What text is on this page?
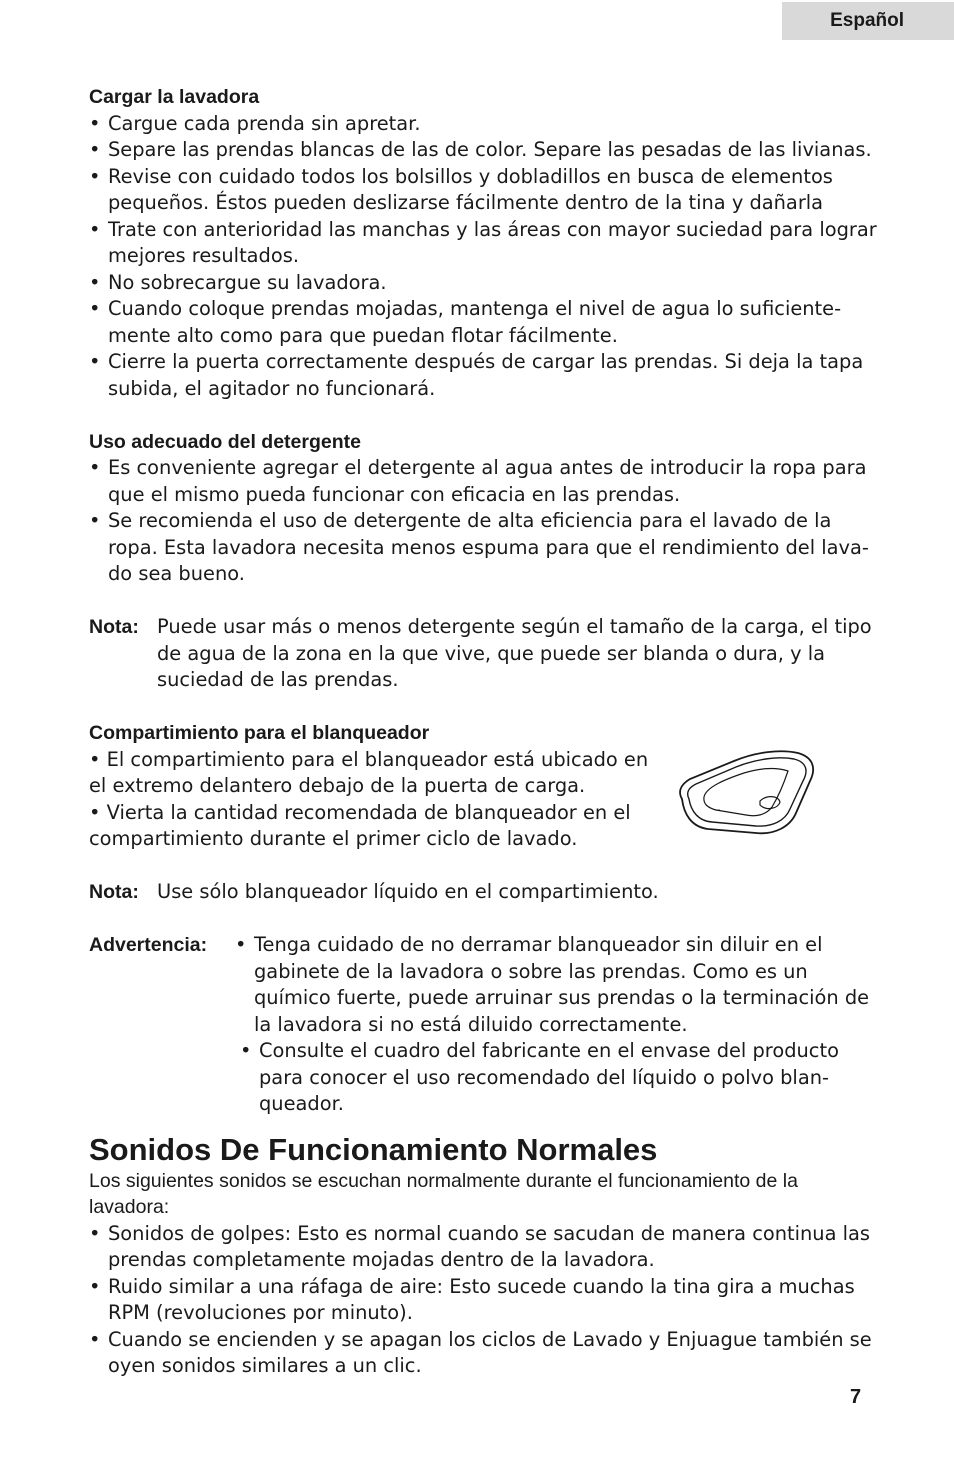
Español
Cargar la lavadora
• Cargue cada prenda sin apretar.
• Separe las prendas blancas de las de color. Separe las pesadas de las livianas.
• Revise con cuidado todos los bolsillos y dobladillos en busca de elementos pequeños. Éstos pueden deslizarse fácilmente dentro de la tina y dañarla
• Trate con anterioridad las manchas y las áreas con mayor suciedad para lograr mejores resultados.
• No sobrecargue su lavadora.
• Cuando coloque prendas mojadas, mantenga el nivel de agua lo suficiente-mente alto como para que puedan flotar fácilmente.
• Cierre la puerta correctamente después de cargar las prendas. Si deja la tapa subida, el agitador no funcionará.
Uso adecuado del detergente
• Es conveniente agregar el detergente al agua antes de introducir la ropa para que el mismo pueda funcionar con eficacia en las prendas.
• Se recomienda el uso de detergente de alta eficiencia para el lavado de la ropa. Esta lavadora necesita menos espuma para que el rendimiento del lava-do sea bueno.
Nota: Puede usar más o menos detergente según el tamaño de la carga, el tipo de agua de la zona en la que vive, que puede ser blanda o dura, y la suciedad de las prendas.
Compartimiento para el blanqueador
• El compartimiento para el blanqueador está ubicado en el extremo delantero debajo de la puerta de carga.
• Vierta la cantidad recomendada de blanqueador en el compartimiento durante el primer ciclo de lavado.
Nota: Use sólo blanqueador líquido en el compartimiento.
Advertencia:
•	Tenga cuidado de no derramar blanqueador sin diluir en el gabinete de la lavadora o sobre las prendas. Como es un químico fuerte, puede arruinar sus prendas o la terminación de la lavadora si no está diluido correctamente.
• Consulte el cuadro del fabricante en el envase del producto para conocer el uso recomendado del líquido o polvo blan-queador.
Sonidos De Funcionamiento Normales
Los siguientes sonidos se escuchan normalmente durante el funcionamiento de la lavadora:
• Sonidos de golpes: Esto es normal cuando se sacudan de manera continua las prendas completamente mojadas dentro de la lavadora.
• Ruido similar a una ráfaga de aire: Esto sucede cuando la tina gira a muchas RPM (revoluciones por minuto).
• Cuando se encienden y se apagan los ciclos de Lavado y Enjuague también se oyen sonidos similares a un clic.
7
